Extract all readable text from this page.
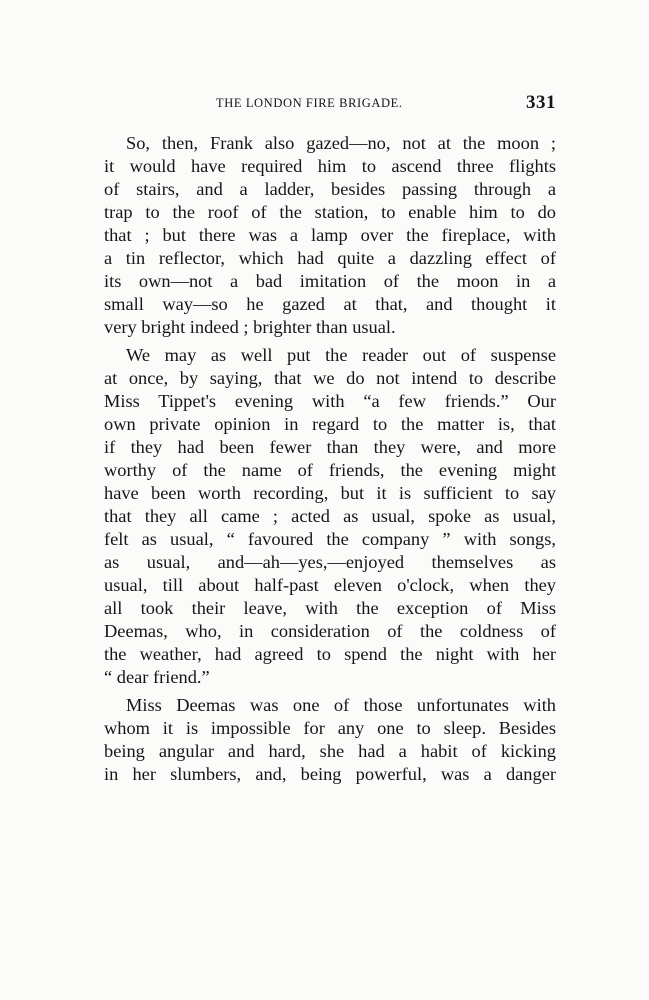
THE LONDON FIRE BRIGADE.	331
So, then, Frank also gazed—no, not at the moon ;
it would have required him to ascend three flights
of stairs, and a ladder, besides passing through a
trap to the roof of the station, to enable him to do
that ; but there was a lamp over the fireplace, with
a tin reflector, which had quite a dazzling effect of
its own—not a bad imitation of the moon in a
small way—so he gazed at that, and thought it
very bright indeed ; brighter than usual.
We may as well put the reader out of suspense
at once, by saying, that we do not intend to describe
Miss Tippet's evening with “a few friends.” Our
own private opinion in regard to the matter is, that
if they had been fewer than they were, and more
worthy of the name of friends, the evening might
have been worth recording, but it is sufficient to say
that they all came ; acted as usual, spoke as usual,
felt as usual, “ favoured the company ” with songs,
as usual, and—ah—yes,—enjoyed themselves as
usual, till about half-past eleven o'clock, when they
all took their leave, with the exception of Miss
Deemas, who, in consideration of the coldness of
the weather, had agreed to spend the night with her
“ dear friend.”
Miss Deemas was one of those unfortunates with
whom it is impossible for any one to sleep. Besides
being angular and hard, she had a habit of kicking
in her slumbers, and, being powerful, was a danger
